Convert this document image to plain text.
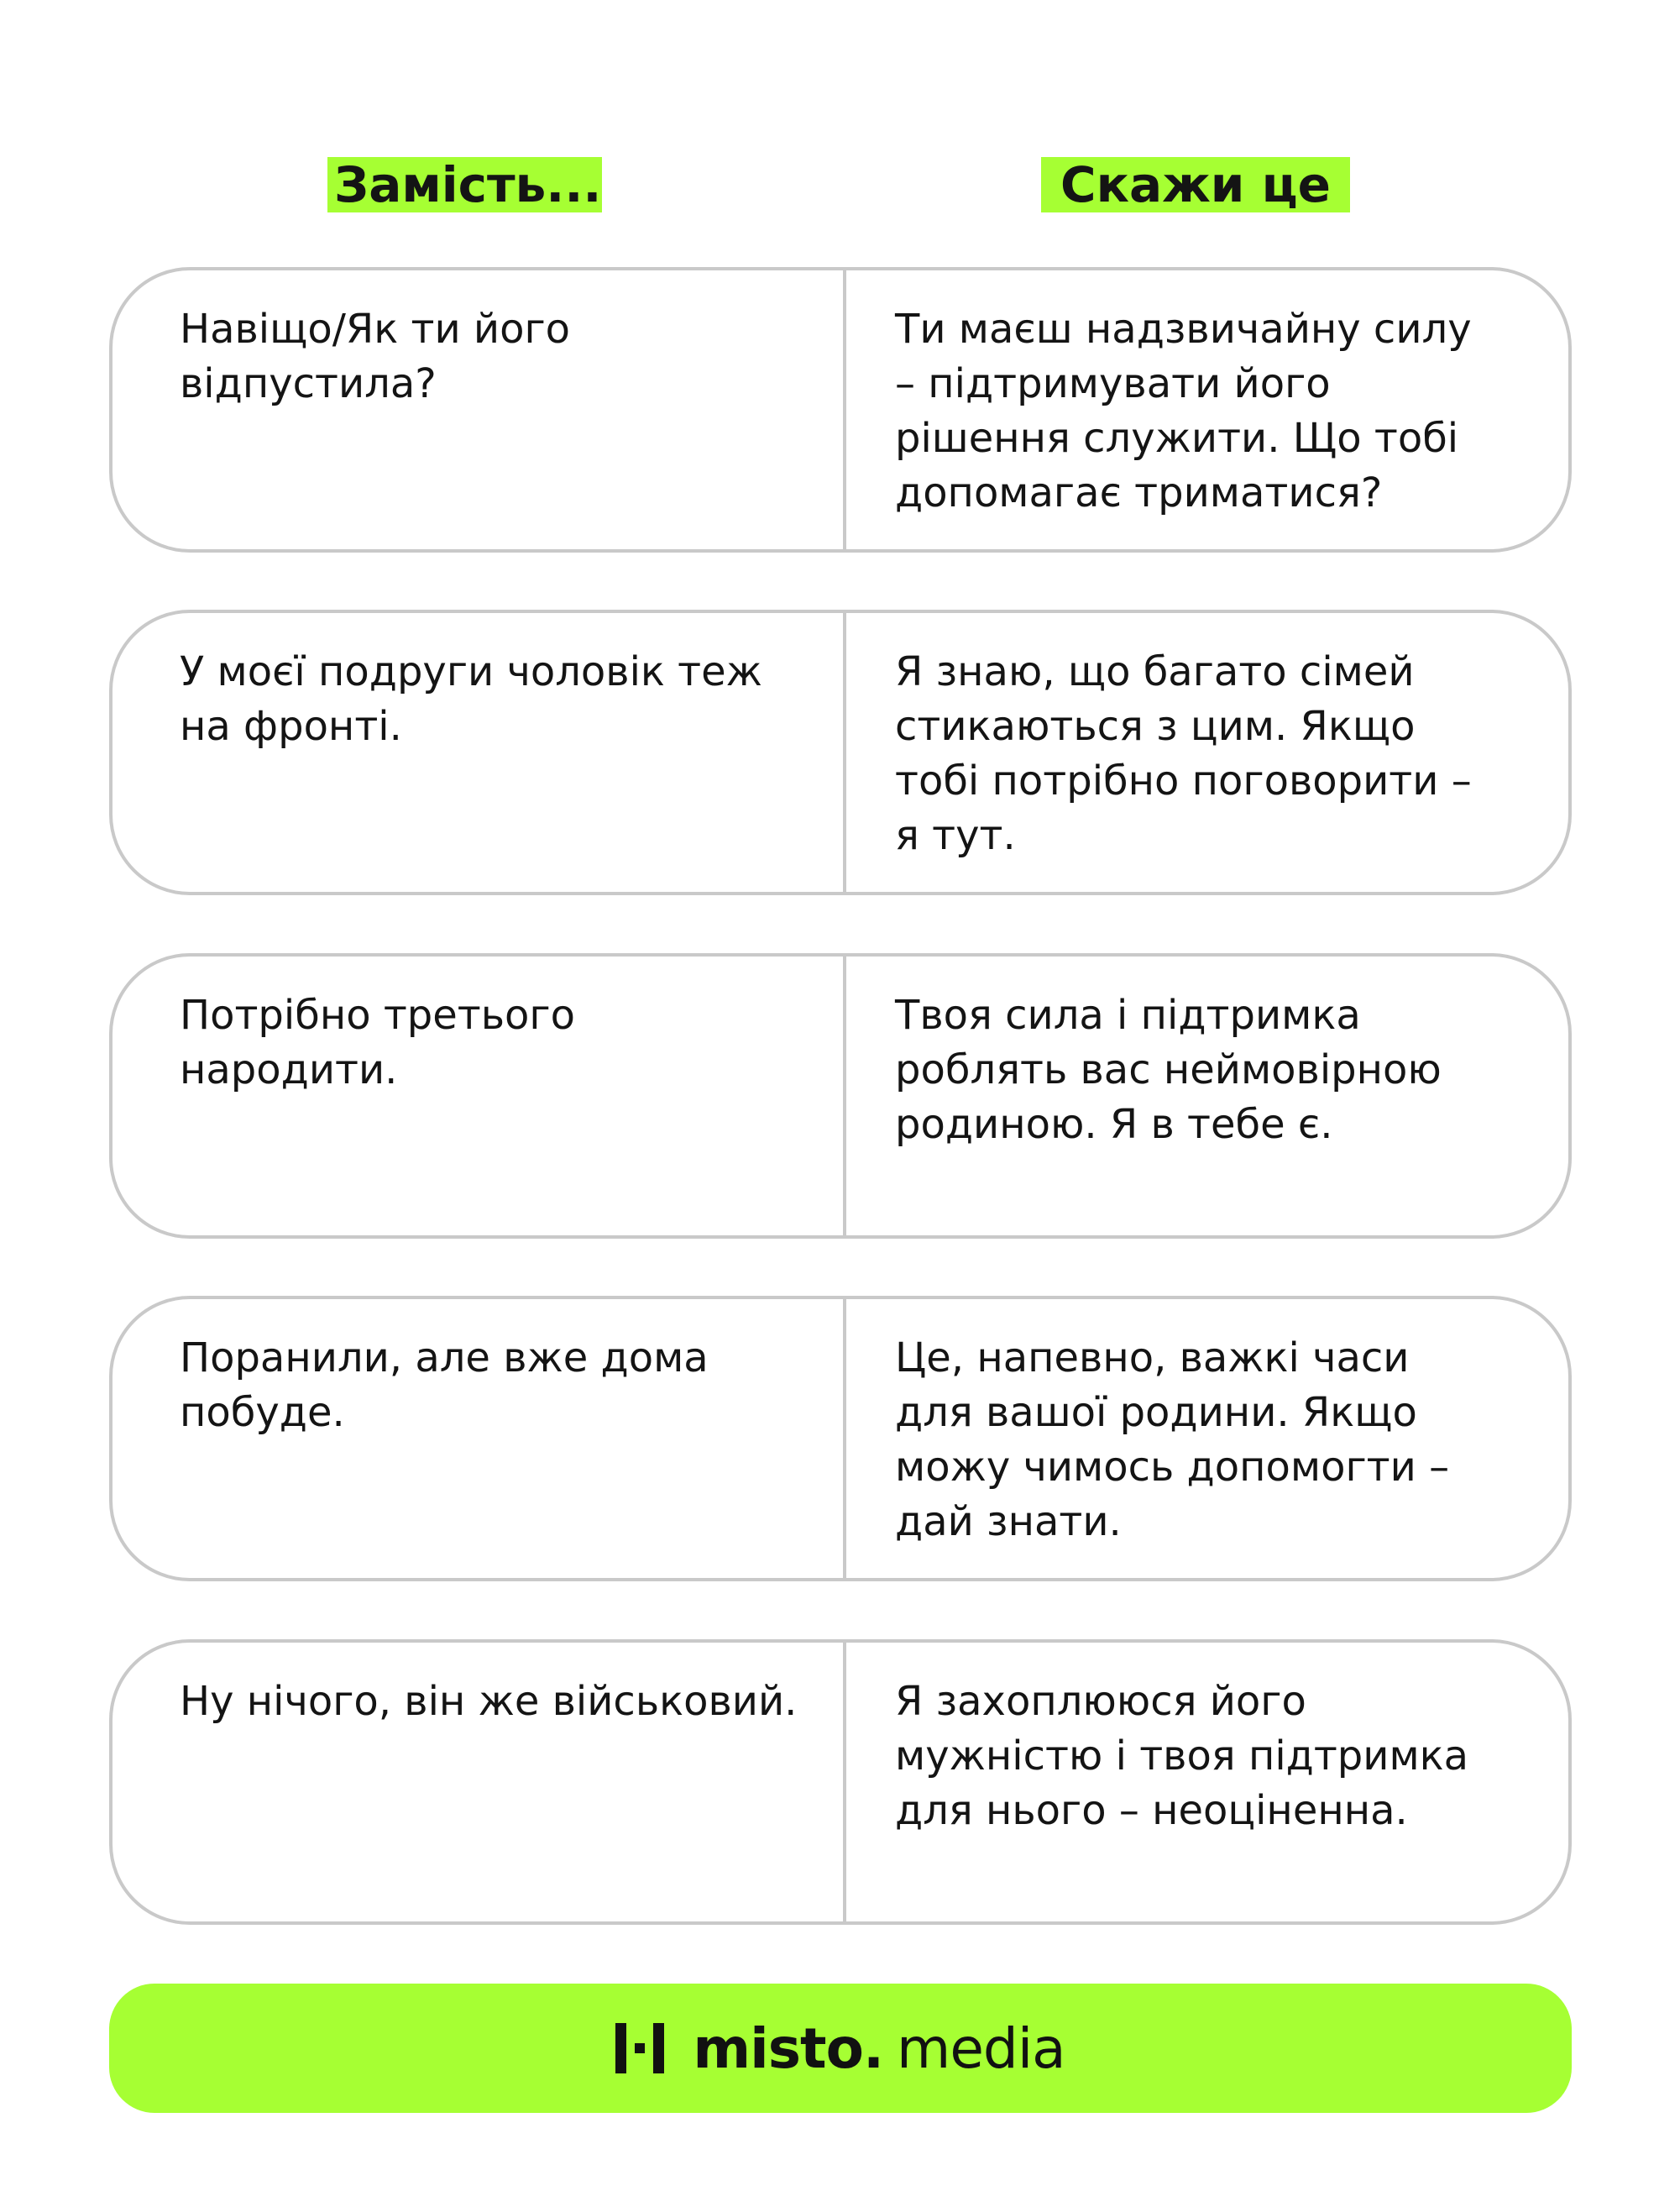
Замість...	Скажи це
Навіщо/Як ти його
відпустила?
Ти маєш надзвичайну силу
– підтримувати його
рішення служити. Що тобі
допомагає триматися?
У моєї подруги чоловік теж
на фронті.
Я знаю, що багато сімей
стикаються з цим. Якщо
тобі потрібно поговорити –
я тут.
Потрібно третього
народити.
Твоя сила і підтримка
роблять вас неймовірною
родиною. Я в тебе є.
Поранили, але вже дома
побуде.
Це, напевно, важкі часи
для вашої родини. Якщо
можу чимось допомогти –
дай знати.
Ну нічого, він же військовий.	Я захоплююся його
мужністю і твоя підтримка
для нього – неоціненна.
misto. media
